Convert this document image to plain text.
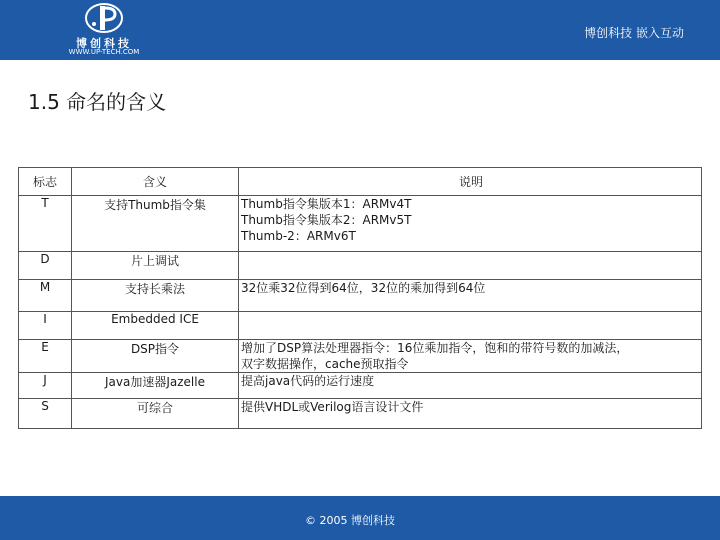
博创科技
WWW.UP-TECH.COM
博创科技 嵌入互动
1.5 命名的含义
标志	含义	说明
T	支持Thumb指令集	Thumb指令集版本1：ARMv4T
Thumb指令集版本2：ARMv5T
Thumb-2：ARMv6T

D	片上调试	
M	支持长乘法	32位乘32位得到64位，32位的乘加得到64位

I	Embedded ICE	
E	DSP指令	增加了DSP算法处理器指令：16位乘加指令，饱和的带符号数的加减法，
双字数据操作，cache预取指令

J	Java加速器Jazelle	提高java代码的运行速度

S	可综合	提供VHDL或Verilog语言设计文件
© 2005 博创科技
